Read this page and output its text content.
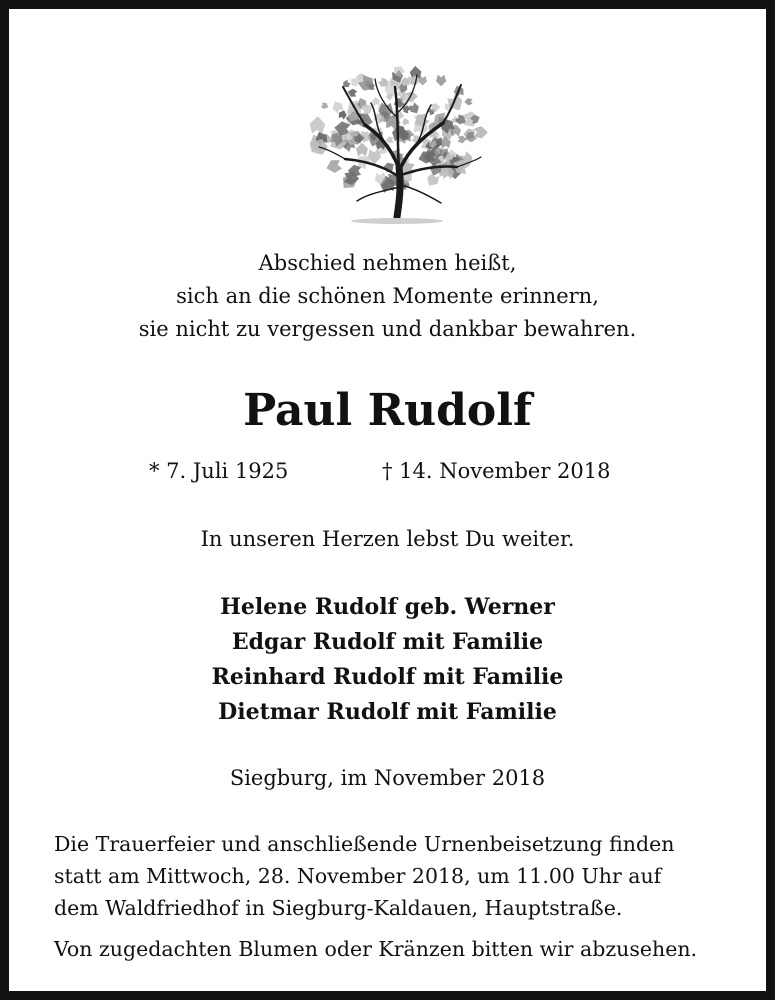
Abschied nehmen heißt,
sich an die schönen Momente erinnern,
sie nicht zu vergessen und dankbar bewahren.
Paul Rudolf
* 7. Juli 1925	† 14. November 2018
In unseren Herzen lebst Du weiter.
Helene Rudolf geb. Werner
Edgar Rudolf mit Familie
Reinhard Rudolf mit Familie
Dietmar Rudolf mit Familie
Siegburg, im November 2018
Die Trauerfeier und anschließende Urnenbeisetzung finden
statt am Mittwoch, 28. November 2018, um 11.00 Uhr auf
dem Waldfriedhof in Siegburg-Kaldauen, Hauptstraße.
Von zugedachten Blumen oder Kränzen bitten wir abzusehen.
